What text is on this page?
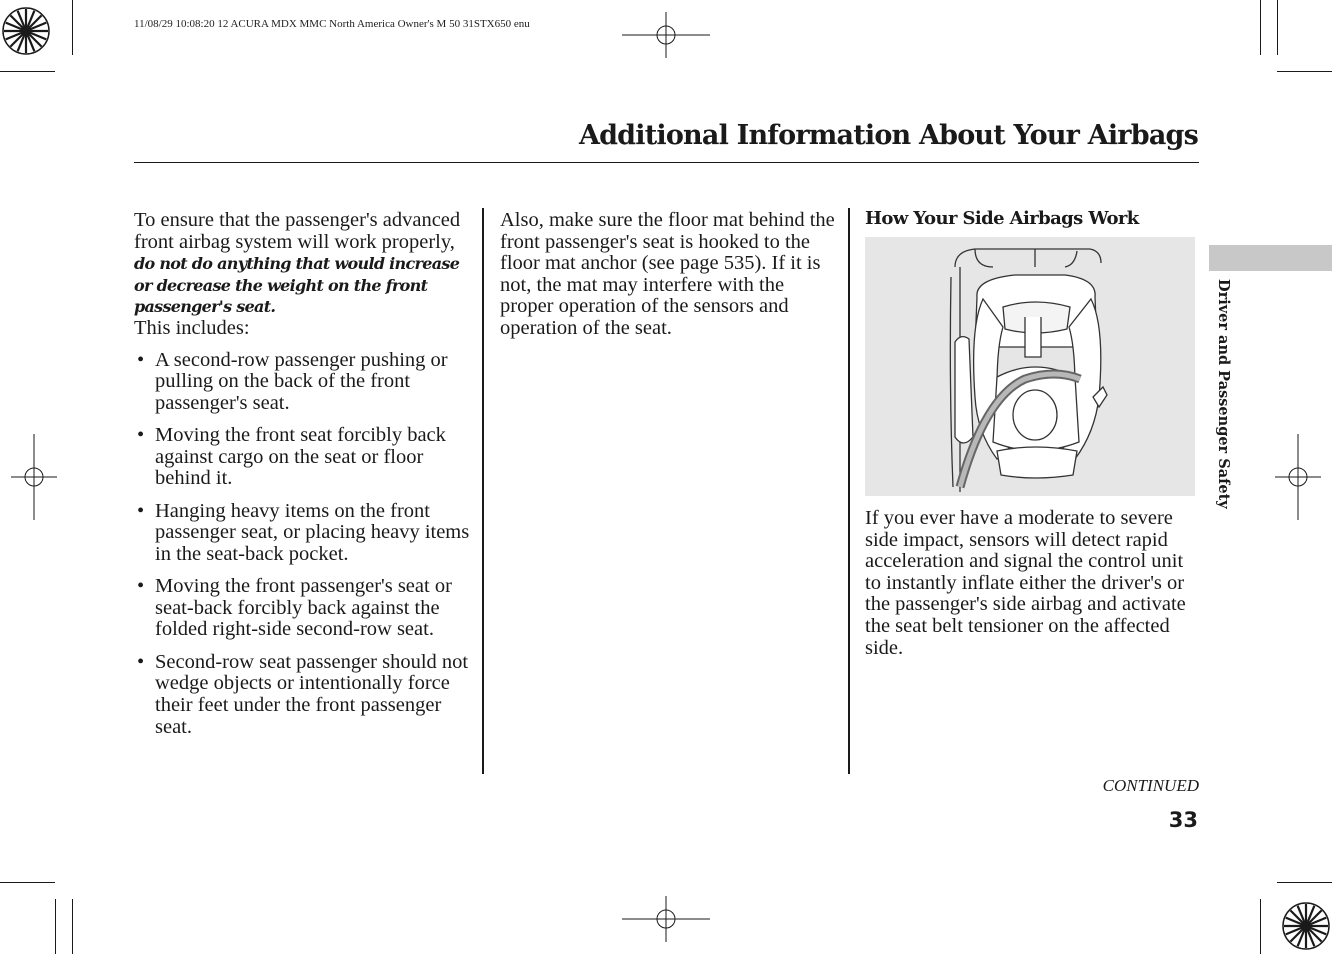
11/08/29 10:08:20 12 ACURA MDX MMC North America Owner's M 50 31STX650 enu
Additional Information About Your Airbags
Driver and Passenger Safety

To ensure that the passenger's advanced front airbag system will work properly, do not do anything that would increase or decrease the weight on the front passenger's seat.
This includes:

• A second-row passenger pushing or pulling on the back of the front passenger's seat.
• Moving the front seat forcibly back against cargo on the seat or floor behind it.
• Hanging heavy items on the front passenger seat, or placing heavy items in the seat-back pocket.
• Moving the front passenger's seat or seat-back forcibly back against the folded right-side second-row seat.
• Second-row seat passenger should not wedge objects or intentionally force their feet under the front passenger seat.

Also, make sure the floor mat behind the front passenger's seat is hooked to the floor mat anchor (see page 535). If it is not, the mat may interfere with the proper operation of the sensors and operation of the seat.

How Your Side Airbags Work

If you ever have a moderate to severe side impact, sensors will detect rapid acceleration and signal the control unit to instantly inflate either the driver's or the passenger's side airbag and activate the seat belt tensioner on the affected side.

CONTINUED
33
